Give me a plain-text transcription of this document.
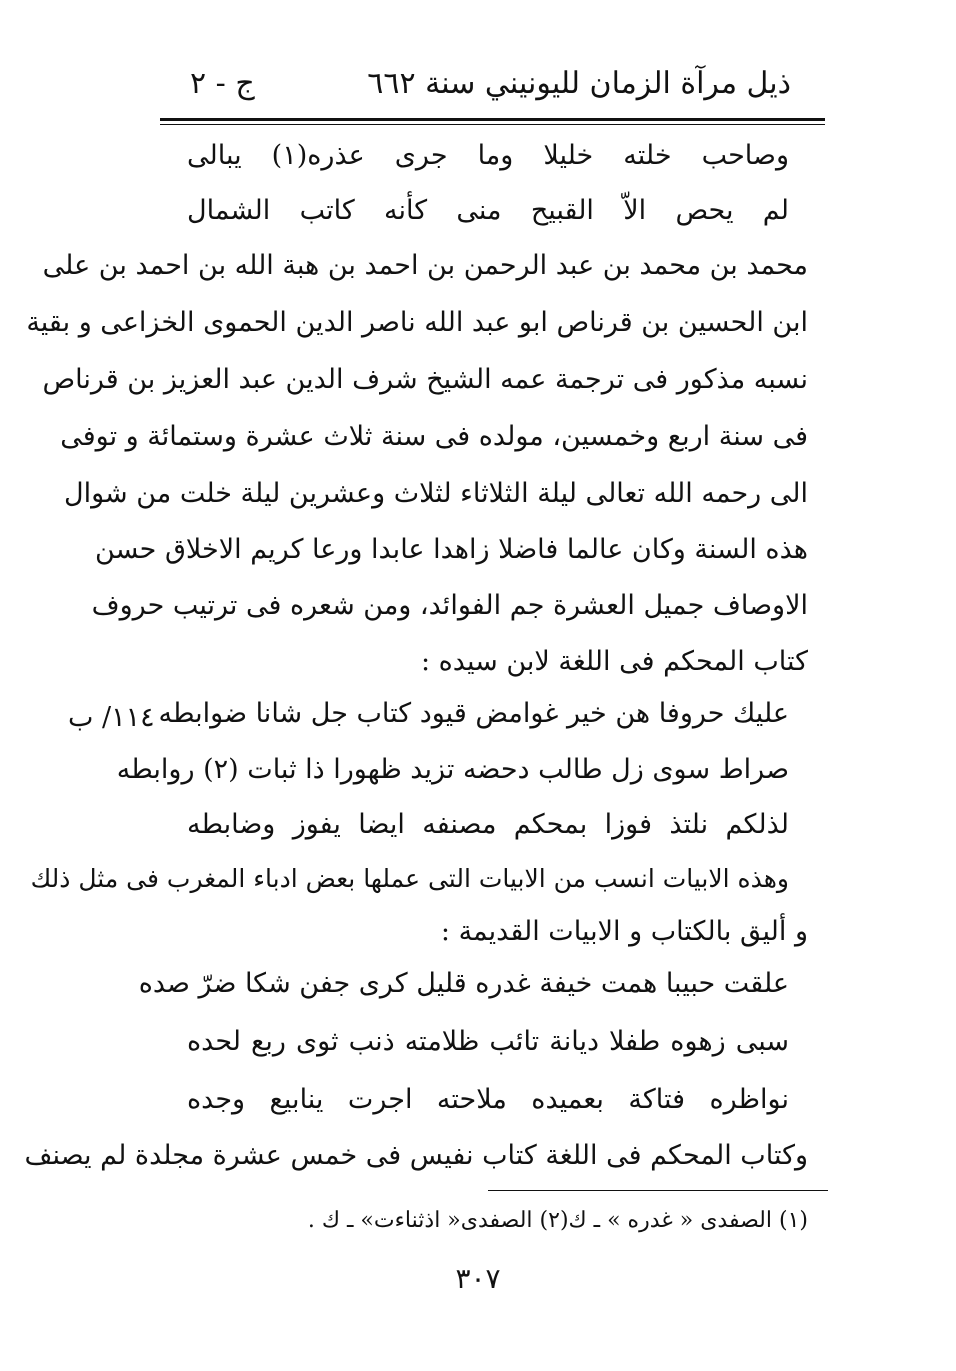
ذيل مرآة الزمان لليونيني سنة ٦٦٢
ج - ٢
وصاحب خلته خليلا وما جرى عذره(١) يبالى
لم يحص الاّ القبيح منى كأنه كاتب الشمال
محمد بن محمد بن عبد الرحمن بن احمد بن هبة الله بن احمد بن على
ابن الحسين بن قرناص ابو عبد الله ناصر الدين الحموى الخزاعى و بقية
نسبه مذكور فى ترجمة عمه الشيخ شرف الدين عبد العزيز بن قرناص
فى سنة اربع وخمسين، مولده فى سنة ثلاث عشرة وستمائة و توفى
الى رحمه الله تعالى ليلة الثلاثاء لثلاث وعشرين ليلة خلت من شوال
هذه السنة وكان عالما فاضلا زاهدا عابدا ورعا كريم الاخلاق حسن
الاوصاف جميل العشرة جم الفوائد، ومن شعره فى ترتيب حروف
كتاب المحكم فى اللغة لابن سيده :
عليك حروفا هن خير غوامض قيود كتاب جل شانا ضوابطه
صراط سوى زل طالب دحضه تزيد ظهورا ذا ثبات (٢) روابطه
لذلكم نلتذ فوزا بمحكم مصنفه ايضا يفوز وضابطه
١١٤/ ب
وهذه الابيات انسب من الابيات التى عملها بعض ادباء المغرب فى مثل ذلك
و أليق بالكتاب و الابيات القديمة :
علقت حبيبا همت خيفة غدره قليل كرى جفن شكا ضرّ صده
سبى زهوه طفلا ديانة تائب ظلامته ذنب ثوى ربع لحده
نواظره فتاكة بعميده ملاحته اجرت ينابيع وجده
وكتاب المحكم فى اللغة كتاب نفيس فى خمس عشرة مجلدة لم يصنف
(١) الصفدى « غدره » ـ ك(٢) الصفدى« اذثناءت» ـ ك .
٣٠٧
